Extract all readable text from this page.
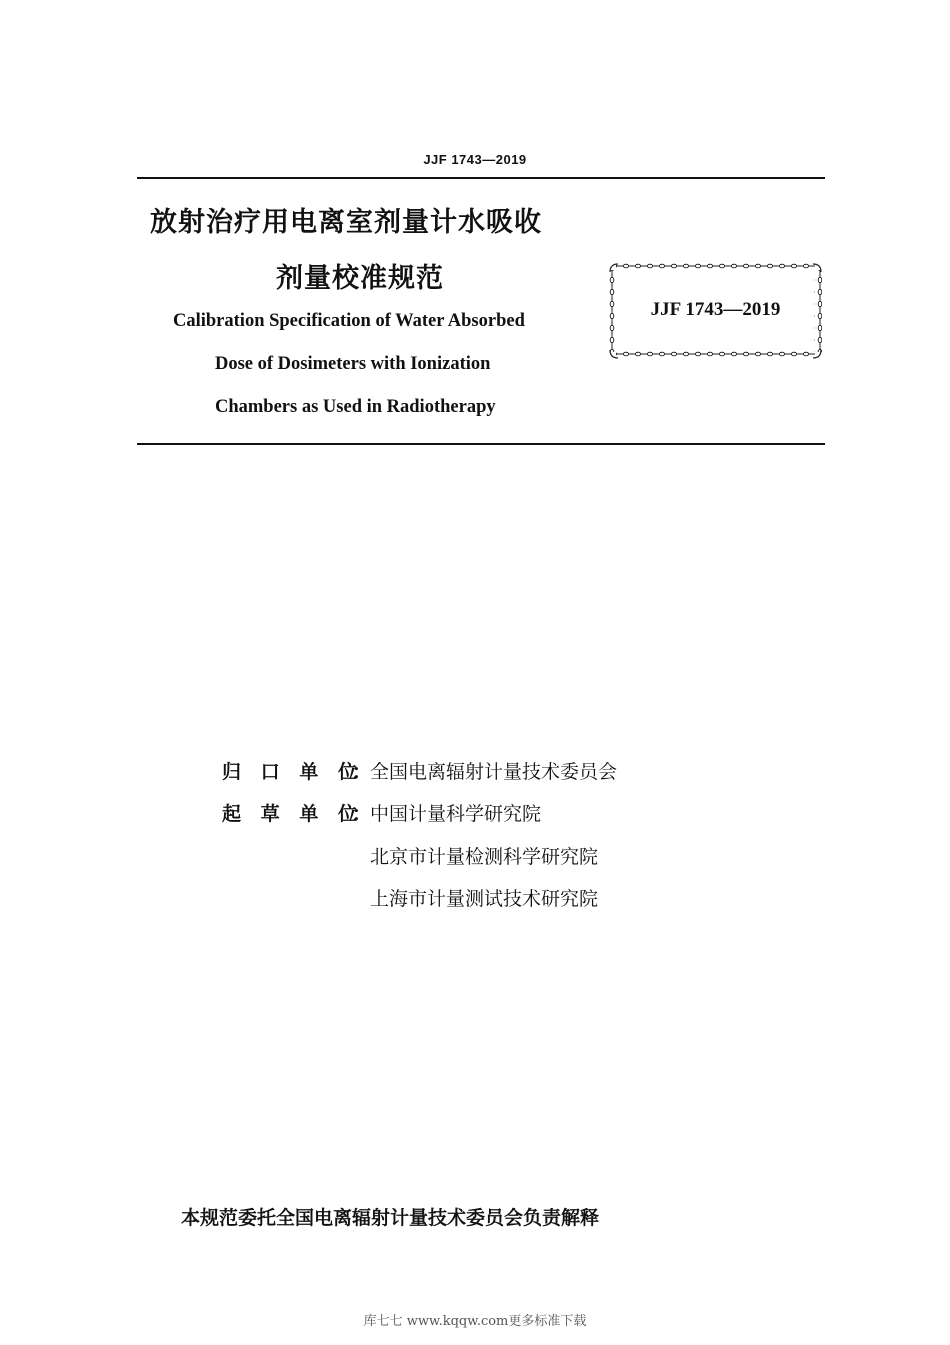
JJF 1743—2019
放射治疗用电离室剂量计水吸收
剂量校准规范
Calibration Specification of Water Absorbed
Dose of Dosimeters with Ionization
Chambers as Used in Radiotherapy
JJF 1743—2019
归 口 单 位
：
全国电离辐射计量技术委员会
起 草 单 位
：
中国计量科学研究院
北京市计量检测科学研究院
上海市计量测试技术研究院
本规范委托全国电离辐射计量技术委员会负责解释
库七七 www.kqqw.com更多标准下载
